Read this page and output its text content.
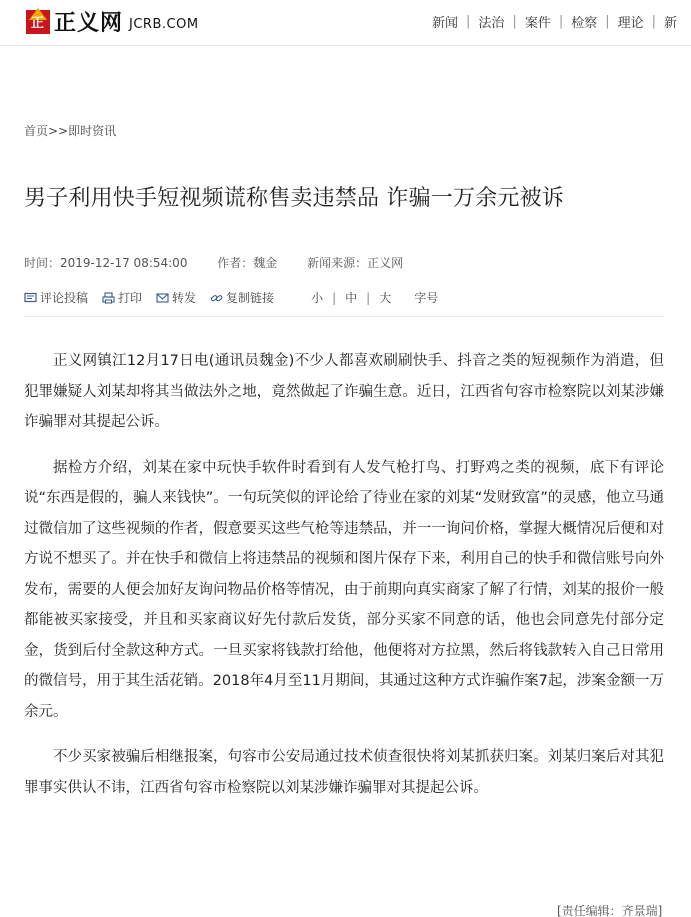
正 正义网 JCRB.COM	新闻 | 法治 | 案件 | 检察 | 理论 | 新
首页>>即时资讯
男子利用快手短视频谎称售卖违禁品 诈骗一万余元被诉
时间：2019-12-17 08:54:00 作者：魏金 新闻来源：正义网
评论投稿	打印	转发	复制链接	小 | 中 | 大 字号

正义网镇江12月17日电(通讯员魏金)不少人都喜欢刷刷快手、抖音之类的短视频作为消遣，但犯罪嫌疑人刘某却将其当做法外之地，竟然做起了诈骗生意。近日，江西省句容市检察院以刘某涉嫌诈骗罪对其提起公诉。

据检方介绍，刘某在家中玩快手软件时看到有人发气枪打鸟、打野鸡之类的视频，底下有评论说“东西是假的，骗人来钱快”。一句玩笑似的评论给了待业在家的刘某“发财致富”的灵感，他立马通过微信加了这些视频的作者，假意要买这些气枪等违禁品，并一一询问价格，掌握大概情况后便和对方说不想买了。并在快手和微信上将违禁品的视频和图片保存下来，利用自己的快手和微信账号向外发布，需要的人便会加好友询问物品价格等情况，由于前期向真实商家了解了行情，刘某的报价一般都能被买家接受，并且和买家商议好先付款后发货，部分买家不同意的话，他也会同意先付部分定金，货到后付全款这种方式。一旦买家将钱款打给他，他便将对方拉黑，然后将钱款转入自己日常用的微信号，用于其生活花销。2018年4月至11月期间，其通过这种方式诈骗作案7起，涉案金额一万余元。

不少买家被骗后相继报案，句容市公安局通过技术侦查很快将刘某抓获归案。刘某归案后对其犯罪事实供认不讳，江西省句容市检察院以刘某涉嫌诈骗罪对其提起公诉。

[责任编辑：齐景瑞]
